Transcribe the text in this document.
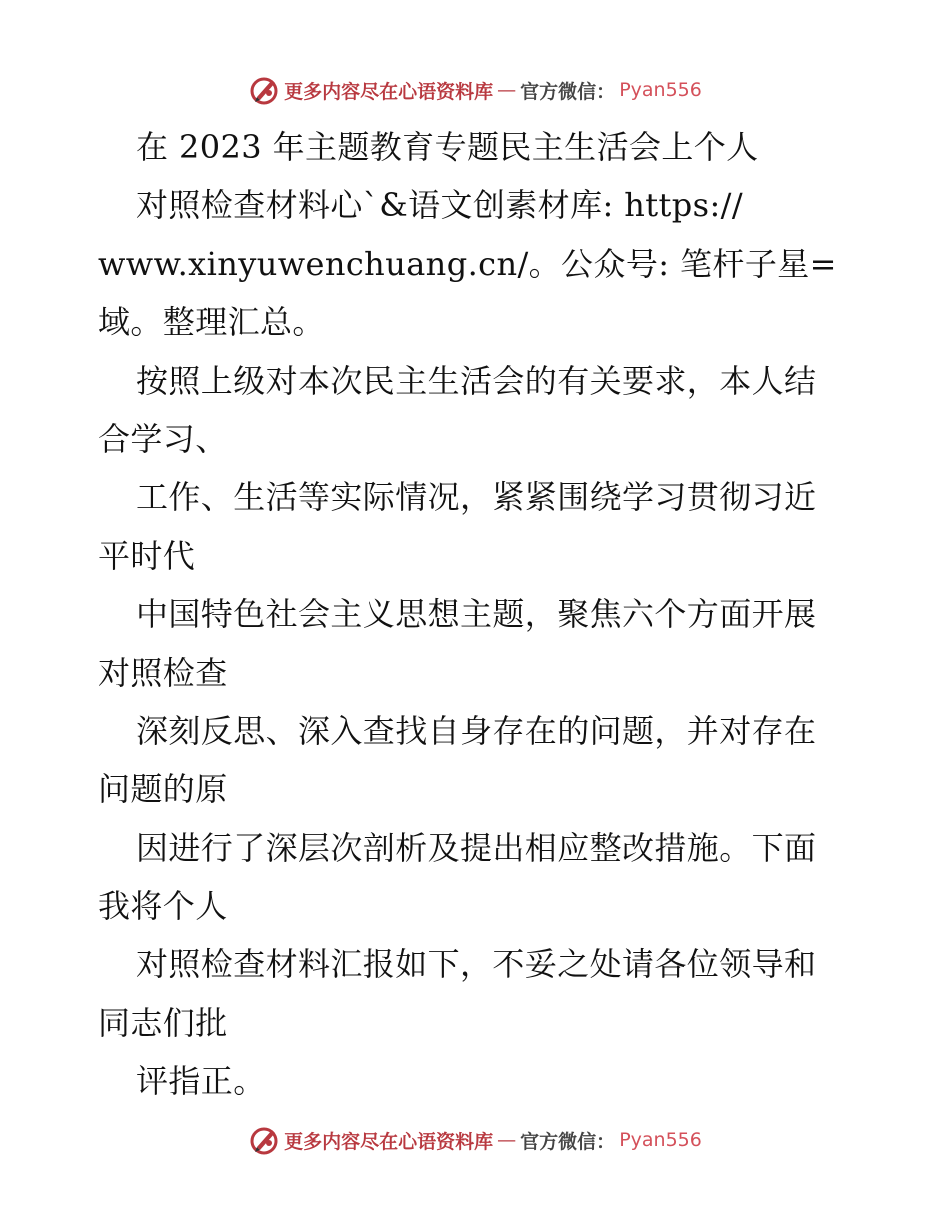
更多内容尽在心语资料库 — 官方微信： Pyan556
在 2023 年主题教育专题民主生活会上个人
对照检查材料心`&语文创素材库: https://
www.xinyuwenchuang.cn/。公众号: 笔杆子星=
域。整理汇总。
按照上级对本次民主生活会的有关要求，本人结
合学习、
工作、生活等实际情况，紧紧围绕学习贯彻习近
平时代
中国特色社会主义思想主题，聚焦六个方面开展
对照检查
深刻反思、深入查找自身存在的问题，并对存在
问题的原
因进行了深层次剖析及提出相应整改措施。下面
我将个人
对照检查材料汇报如下，不妥之处请各位领导和
同志们批
评指正。
更多内容尽在心语资料库 — 官方微信： Pyan556
